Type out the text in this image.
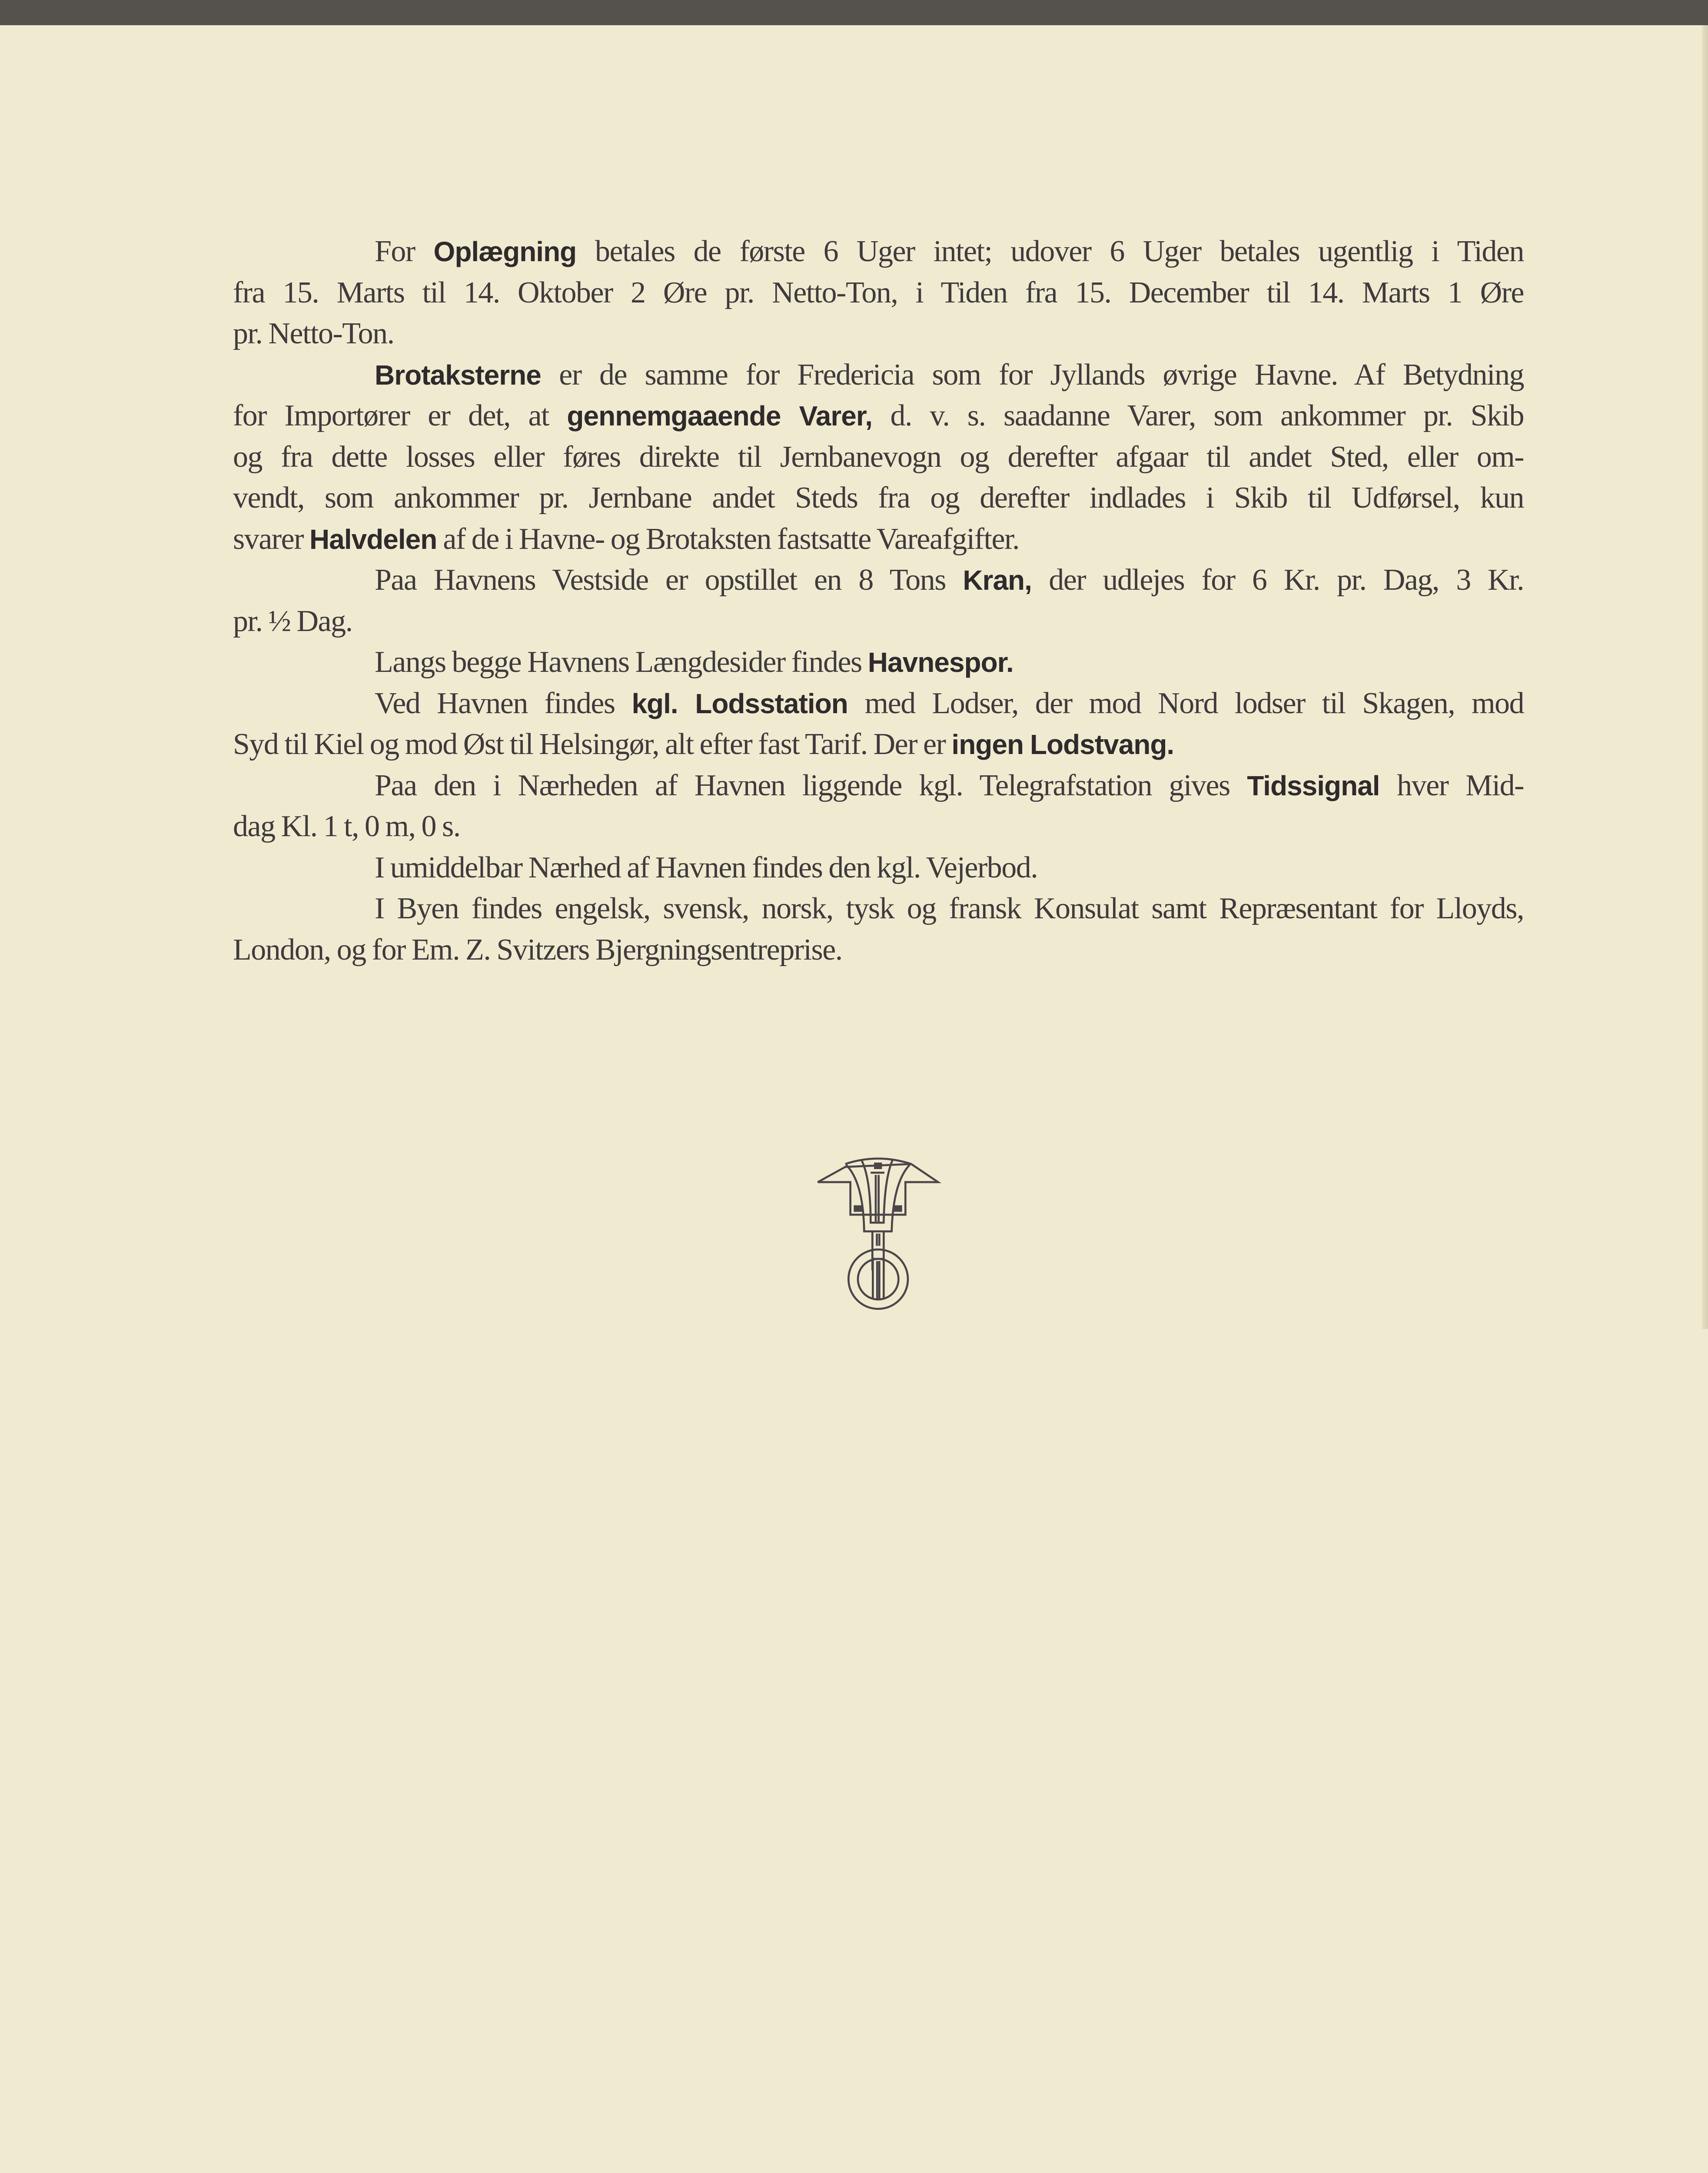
For Oplægning betales de første 6 Uger intet; udover 6 Uger betales ugentlig i Tiden
fra 15. Marts til 14. Oktober 2 Øre pr. Netto-Ton, i Tiden fra 15. December til 14. Marts 1 Øre
pr. Netto-Ton.
Brotaksterne er de samme for Fredericia som for Jyllands øvrige Havne. Af Betydning
for Importører er det, at gennemgaaende Varer, d. v. s. saadanne Varer, som ankommer pr. Skib
og fra dette losses eller føres direkte til Jernbanevogn og derefter afgaar til andet Sted, eller om-
vendt, som ankommer pr. Jernbane andet Steds fra og derefter indlades i Skib til Udførsel, kun
svarer Halvdelen af de i Havne- og Brotaksten fastsatte Vareafgifter.
Paa Havnens Vestside er opstillet en 8 Tons Kran, der udlejes for 6 Kr. pr. Dag, 3 Kr.
pr. ½ Dag.
Langs begge Havnens Længdesider findes Havnespor.
Ved Havnen findes kgl. Lodsstation med Lodser, der mod Nord lodser til Skagen, mod
Syd til Kiel og mod Øst til Helsingør, alt efter fast Tarif. Der er ingen Lodstvang.
Paa den i Nærheden af Havnen liggende kgl. Telegrafstation gives Tidssignal hver Mid-
dag Kl. 1 t, 0 m, 0 s.
I umiddelbar Nærhed af Havnen findes den kgl. Vejerbod.
I Byen findes engelsk, svensk, norsk, tysk og fransk Konsulat samt Repræsentant for Lloyds,
London, og for Em. Z. Svitzers Bjergningsentreprise.
